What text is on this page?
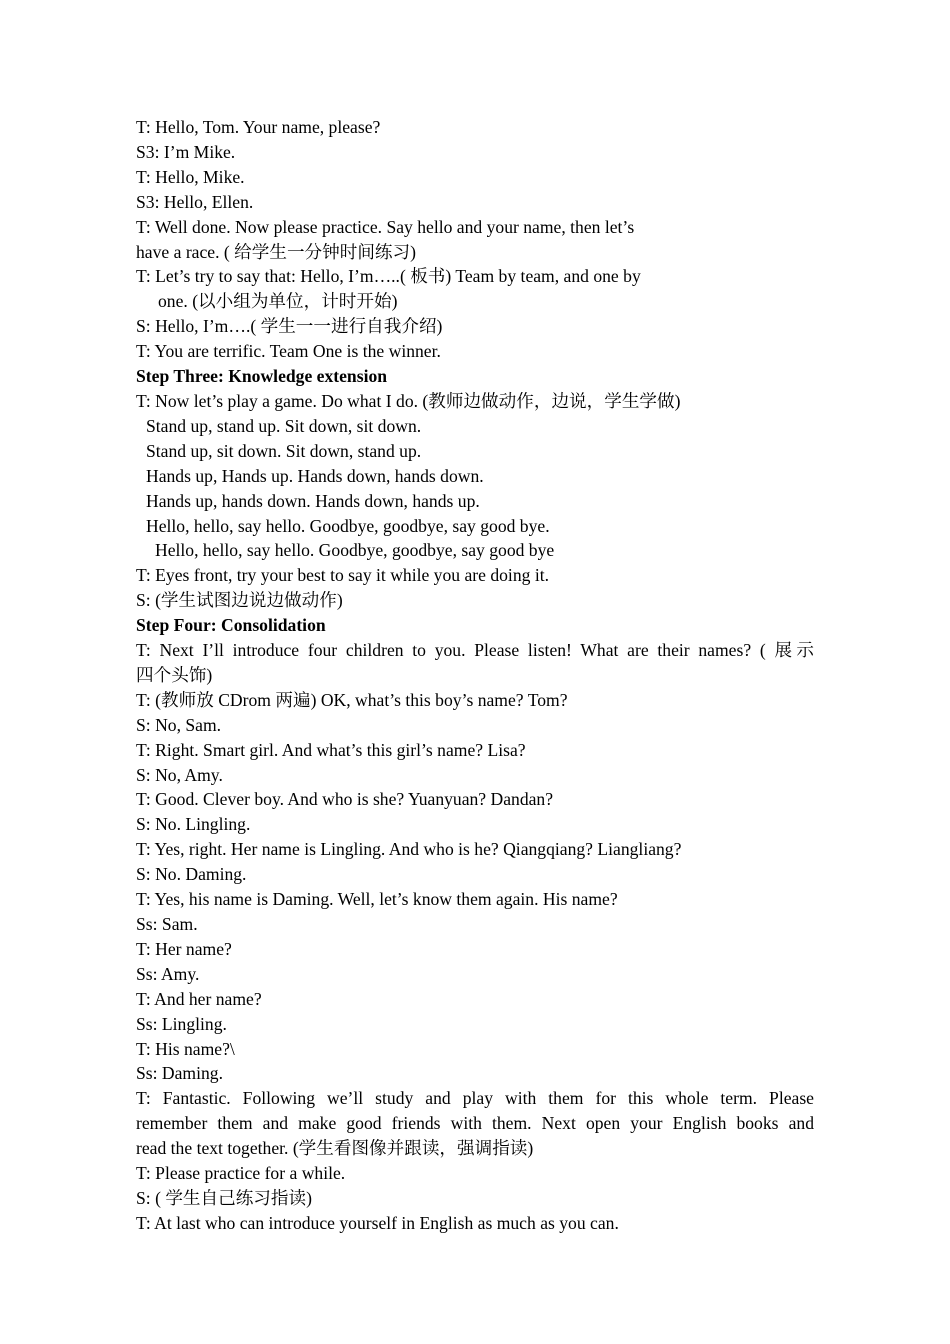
T: Hello, Tom. Your name, please?
S3: I’m Mike.
T: Hello, Mike.
S3: Hello, Ellen.
T: Well done. Now please practice. Say hello and your name, then let’s
have a race. ( 给学生一分钟时间练习)
T: Let’s try to say that: Hello, I’m…..( 板书) Team by team, and one by
one. (以小组为单位，计时开始)
S: Hello, I’m….( 学生一一进行自我介绍)
T: You are terrific. Team One is the winner.
Step Three: Knowledge extension
T: Now let’s play a game. Do what I do. (教师边做动作，边说，学生学做)
Stand up, stand up. Sit down, sit down.
Stand up, sit down. Sit down, stand up.
Hands up, Hands up. Hands down, hands down.
Hands up, hands down. Hands down, hands up.
Hello, hello, say hello. Goodbye, goodbye, say good bye.
Hello, hello, say hello. Goodbye, goodbye, say good bye
T: Eyes front, try your best to say it while you are doing it.
S: (学生试图边说边做动作)
Step Four: Consolidation
T: Next I’ll introduce four children to you. Please listen! What are their names? ( 展示
四个头饰)
T: (教师放 CDrom 两遍) OK, what’s this boy’s name? Tom?
S: No, Sam.
T: Right. Smart girl. And what’s this girl’s name? Lisa?
S: No, Amy.
T: Good. Clever boy. And who is she? Yuanyuan? Dandan?
S: No. Lingling.
T: Yes, right. Her name is Lingling. And who is he? Qiangqiang? Liangliang?
S: No. Daming.
T: Yes, his name is Daming. Well, let’s know them again. His name?
Ss: Sam.
T: Her name?
Ss: Amy.
T: And her name?
Ss: Lingling.
T: His name?\
Ss: Daming.
T: Fantastic. Following we’ll study and play with them for this whole term. Please
remember them and make good friends with them. Next open your English books and
read the text together. (学生看图像并跟读，强调指读)
T: Please practice for a while.
S: ( 学生自己练习指读)
T: At last who can introduce yourself in English as much as you can.
